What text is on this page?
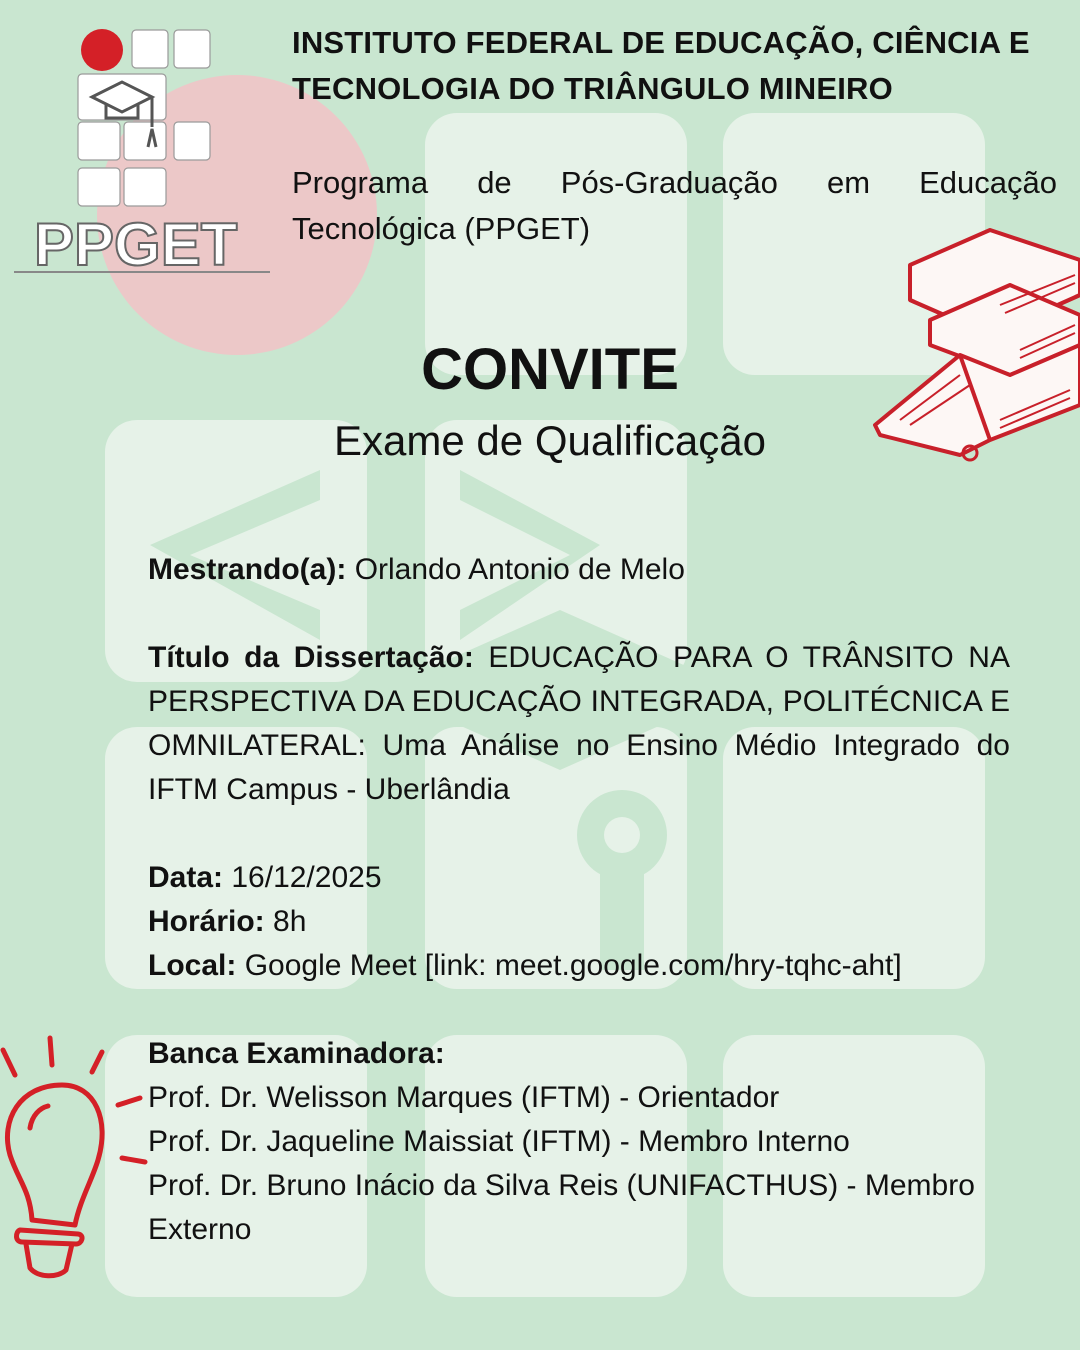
PPGET
INSTITUTO FEDERAL DE EDUCAÇÃO, CIÊNCIA E TECNOLOGIA DO TRIÂNGULO MINEIRO
Programa de Pós-Graduação em Educação Tecnológica (PPGET)
CONVITE
Exame de Qualificação

Mestrando(a): Orlando Antonio de Melo

Título da Dissertação: EDUCAÇÃO PARA O TRÂNSITO NA PERSPECTIVA DA EDUCAÇÃO INTEGRADA, POLITÉCNICA E OMNILATERAL: Uma Análise no Ensino Médio Integrado do IFTM Campus - Uberlândia

Data: 16/12/2025

Horário: 8h

Local: Google Meet [link: meet.google.com/hry-tqhc-aht]

Banca Examinadora:

Prof. Dr. Welisson Marques (IFTM) - Orientador

Prof. Dr. Jaqueline Maissiat (IFTM) - Membro Interno

Prof. Dr. Bruno Inácio da Silva Reis (UNIFACTHUS) - Membro Externo
